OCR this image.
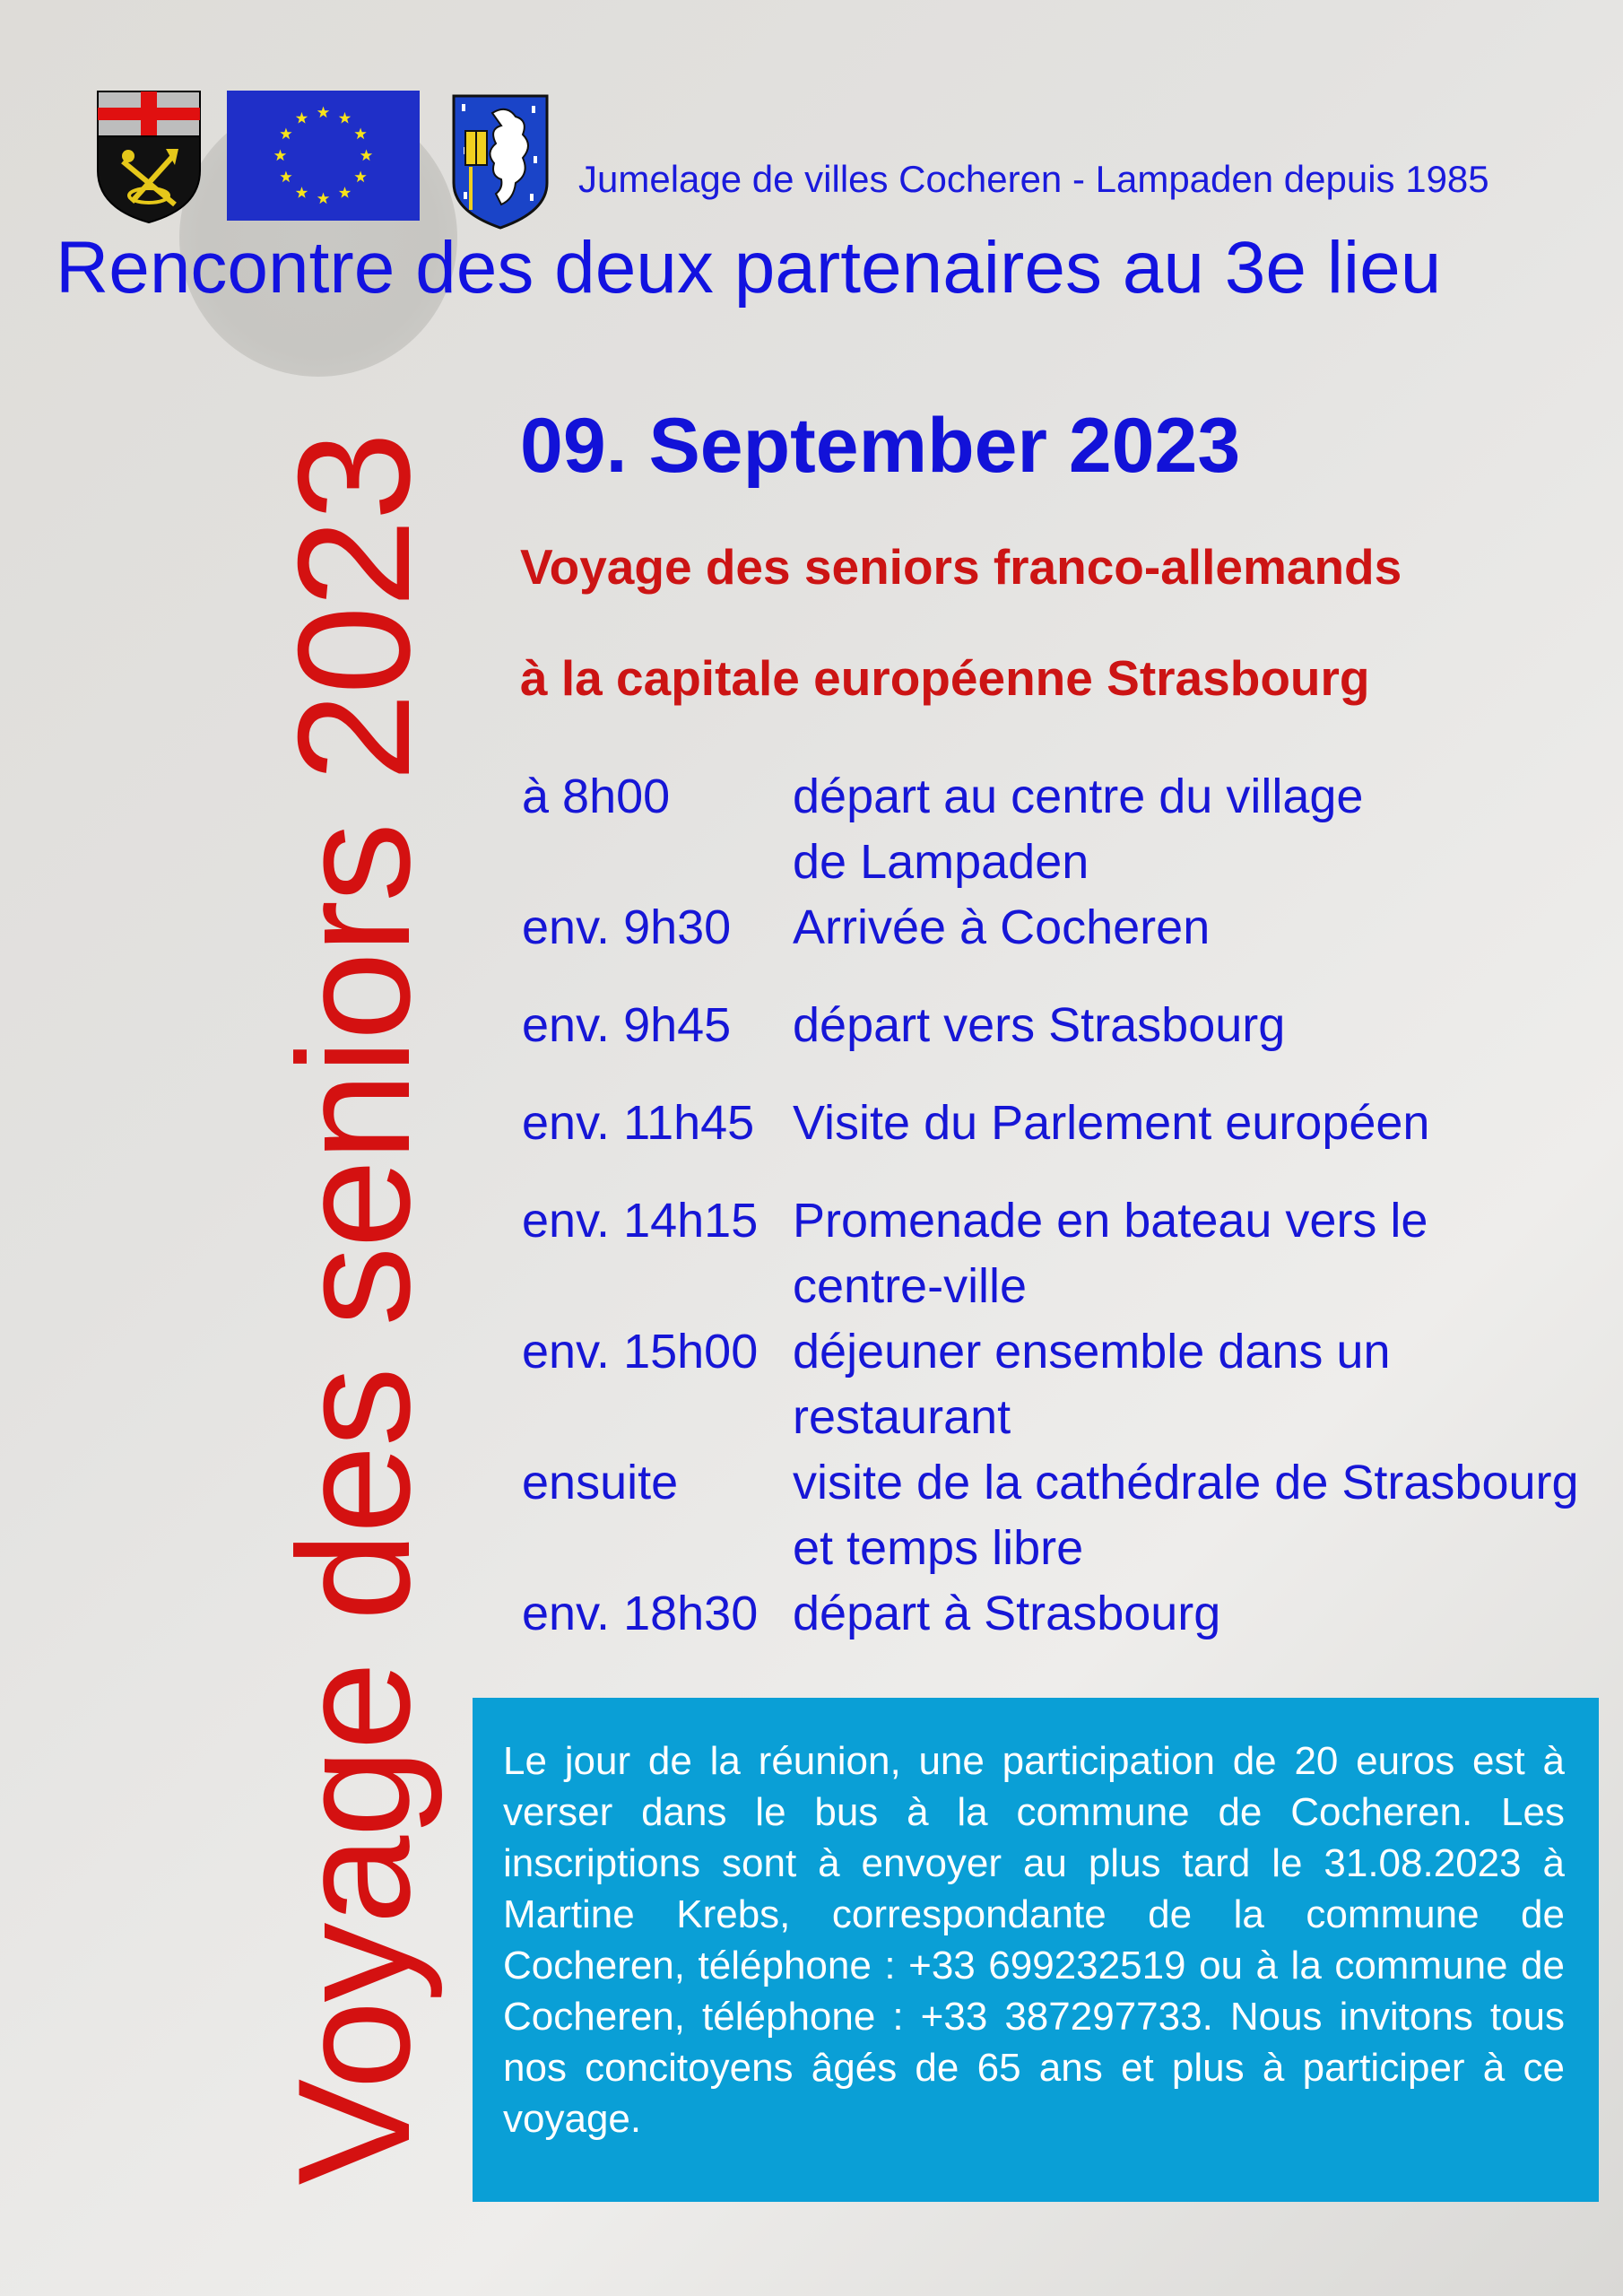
Jumelage de villes Cocheren - Lampaden depuis 1985
Rencontre des deux partenaires au 3e lieu
Voyage des seniors 2023 09. September 2023
Voyage des seniors franco-allemands
à la capitale européenne Strasbourg
à 8h00	départ au centre du village de Lampaden
env. 9h30	Arrivée à Cocheren
env. 9h45	départ vers Strasbourg
env. 11h45 Visite du Parlement européen
env. 14h15 Promenade en bateau vers le centre-ville
env. 15h00 déjeuner ensemble dans un restaurant
ensuite	visite de la cathédrale de Strasbourg et temps libre
env. 18h30 départ à Strasbourg
Le jour de la réunion, une participation de 20 euros est à verser dans le bus à la commune de Cocheren. Les inscriptions sont à envoyer au plus tard le 31.08.2023 à Martine Krebs, correspondante de la commune de Cocheren, téléphone : +33 699232519 ou à la commune de Cocheren, téléphone : +33 387297733. Nous invitons tous nos concitoyens âgés de 65 ans et plus à participer à ce voyage.
